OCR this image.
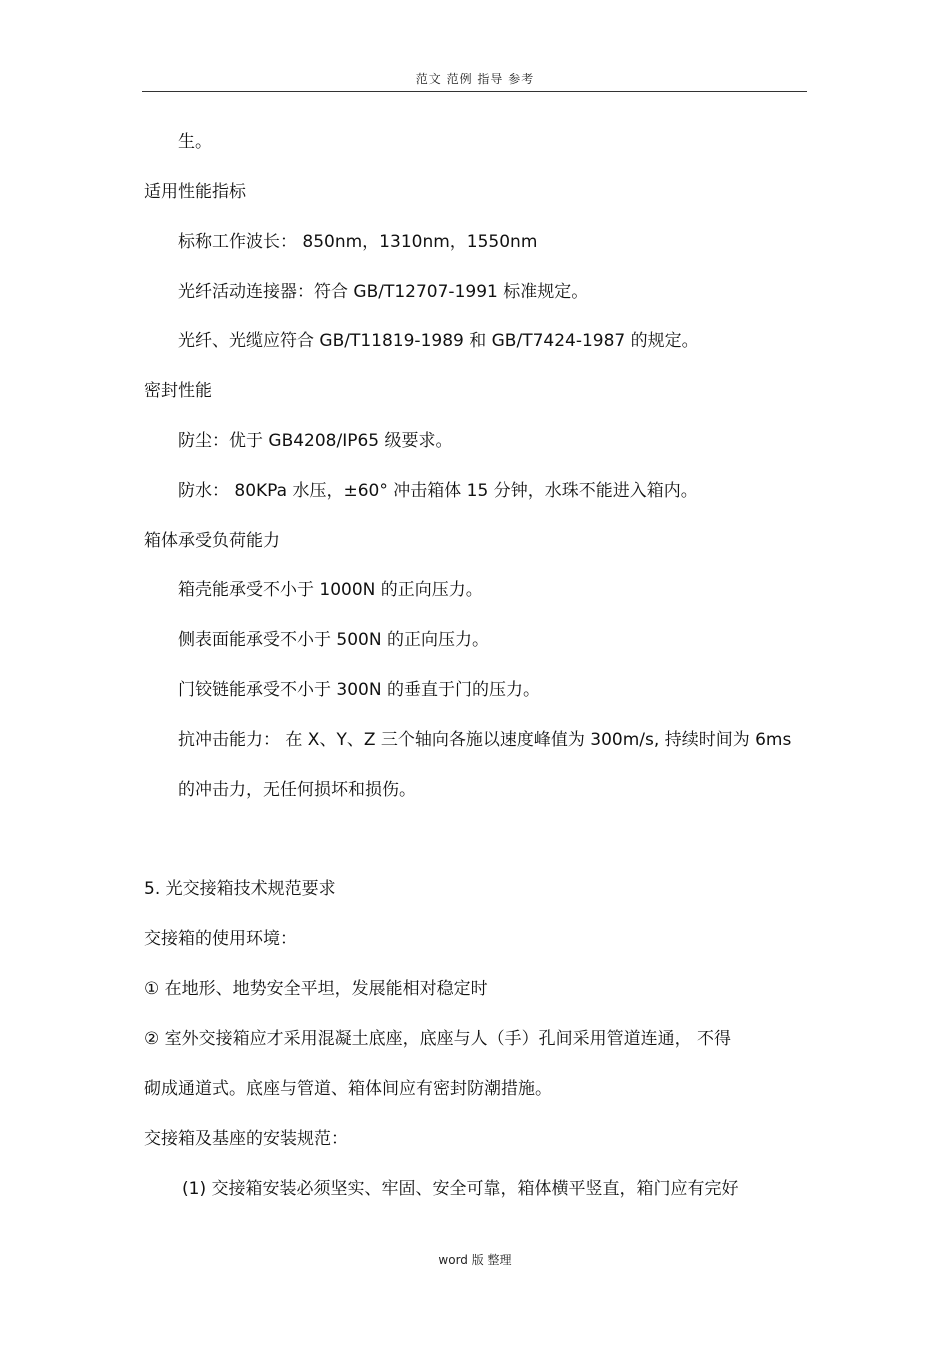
范文 范例 指导 参考
生。
适用性能指标
标称工作波长： 850nm，1310nm，1550nm
光纤活动连接器：符合 GB/T12707-1991 标准规定。
光纤、光缆应符合 GB/T11819-1989 和 GB/T7424-1987 的规定。
密封性能
防尘：优于 GB4208/IP65 级要求。
防水： 80KPa 水压，±60° 冲击箱体 15 分钟，水珠不能进入箱内。
箱体承受负荷能力
箱壳能承受不小于 1000N 的正向压力。
侧表面能承受不小于 500N 的正向压力。
门铰链能承受不小于 300N 的垂直于门的压力。
抗冲击能力： 在 X、Y、Z 三个轴向各施以速度峰值为 300m/s, 持续时间为 6ms
的冲击力，无任何损坏和损伤。
5. 光交接箱技术规范要求
交接箱的使用环境：
① 在地形、地势安全平坦，发展能相对稳定时
② 室外交接箱应才采用混凝土底座，底座与人（手）孔间采用管道连通， 不得
砌成通道式。底座与管道、箱体间应有密封防潮措施。
交接箱及基座的安装规范：
(1) 交接箱安装必须坚实、牢固、安全可靠，箱体横平竖直，箱门应有完好
word 版 整理
